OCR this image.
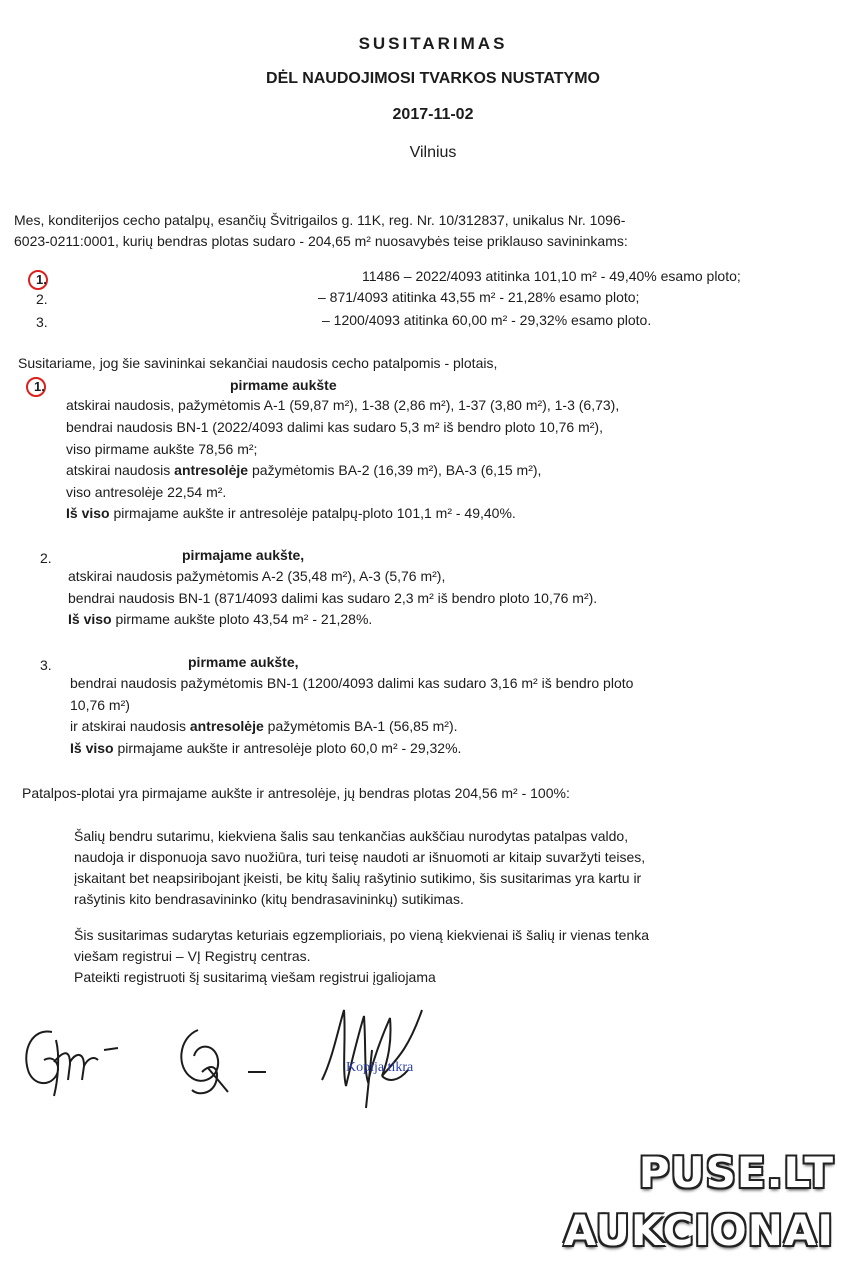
SUSITARIMAS
DĖL NAUDOJIMOSI TVARKOS NUSTATYMO
2017-11-02
Vilnius
Mes, konditerijos cecho patalpų, esančių Švitrigailos g. 11K, reg. Nr. 10/312837, unikalus Nr. 1096-
6023-0211:0001, kurių bendras plotas sudaro - 204,65 m² nuosavybės teise priklauso savininkams:
1.	11486 – 2022/4093 atitinka 101,10 m² - 49,40% esamo ploto;
2.	– 871/4093 atitinka 43,55 m² - 21,28% esamo ploto;
3.	– 1200/4093 atitinka 60,00 m² - 29,32% esamo ploto.
Susitariame, jog šie savininkai sekančiai naudosis cecho patalpomis - plotais,
1.	pirmame aukšte
atskirai naudosis, pažymėtomis A-1 (59,87 m²), 1-38 (2,86 m²), 1-37 (3,80 m²), 1-3 (6,73),
bendrai naudosis BN-1 (2022/4093 dalimi kas sudaro 5,3 m² iš bendro ploto 10,76 m²),
viso pirmame aukšte 78,56 m²;
atskirai naudosis antresolėje pažymėtomis BA-2 (16,39 m²), BA-3 (6,15 m²),
viso antresolėje 22,54 m².
Iš viso pirmajame aukšte ir antresolėje patalpų-ploto 101,1 m² - 49,40%.
2.	pirmajame aukšte,
atskirai naudosis pažymėtomis A-2 (35,48 m²), A-3 (5,76 m²),
bendrai naudosis BN-1 (871/4093 dalimi kas sudaro 2,3 m² iš bendro ploto 10,76 m²).
Iš viso pirmame aukšte ploto 43,54 m² - 21,28%.
3.	pirmame aukšte,
bendrai naudosis pažymėtomis BN-1 (1200/4093 dalimi kas sudaro 3,16 m² iš bendro ploto
10,76 m²)
ir atskirai naudosis antresolėje pažymėtomis BA-1 (56,85 m²).
Iš viso pirmajame aukšte ir antresolėje ploto 60,0 m² - 29,32%.
Patalpos-plotai yra pirmajame aukšte ir antresolėje, jų bendras plotas 204,56 m² - 100%:
Šalių bendru sutarimu, kiekviena šalis sau tenkančias aukščiau nurodytas patalpas valdo,
naudoja ir disponuoja savo nuožiūra, turi teisę naudoti ar išnuomoti ar kitaip suvaržyti teises,
įskaitant bet neapsiribojant įkeisti, be kitų šalių rašytinio sutikimo, šis susitarimas yra kartu ir
rašytinis kito bendrasavininko (kitų bendrasavininkų) sutikimas.
Šis susitarimas sudarytas keturiais egzemplioriais, po vieną kiekvienai iš šalių ir vienas tenka
viešam registrui – VĮ Registrų centras.
Pateikti registruoti šį susitarimą viešam registrui įgaliojama
Kopija tikra
PUSE.LT
AUKCIONAI
